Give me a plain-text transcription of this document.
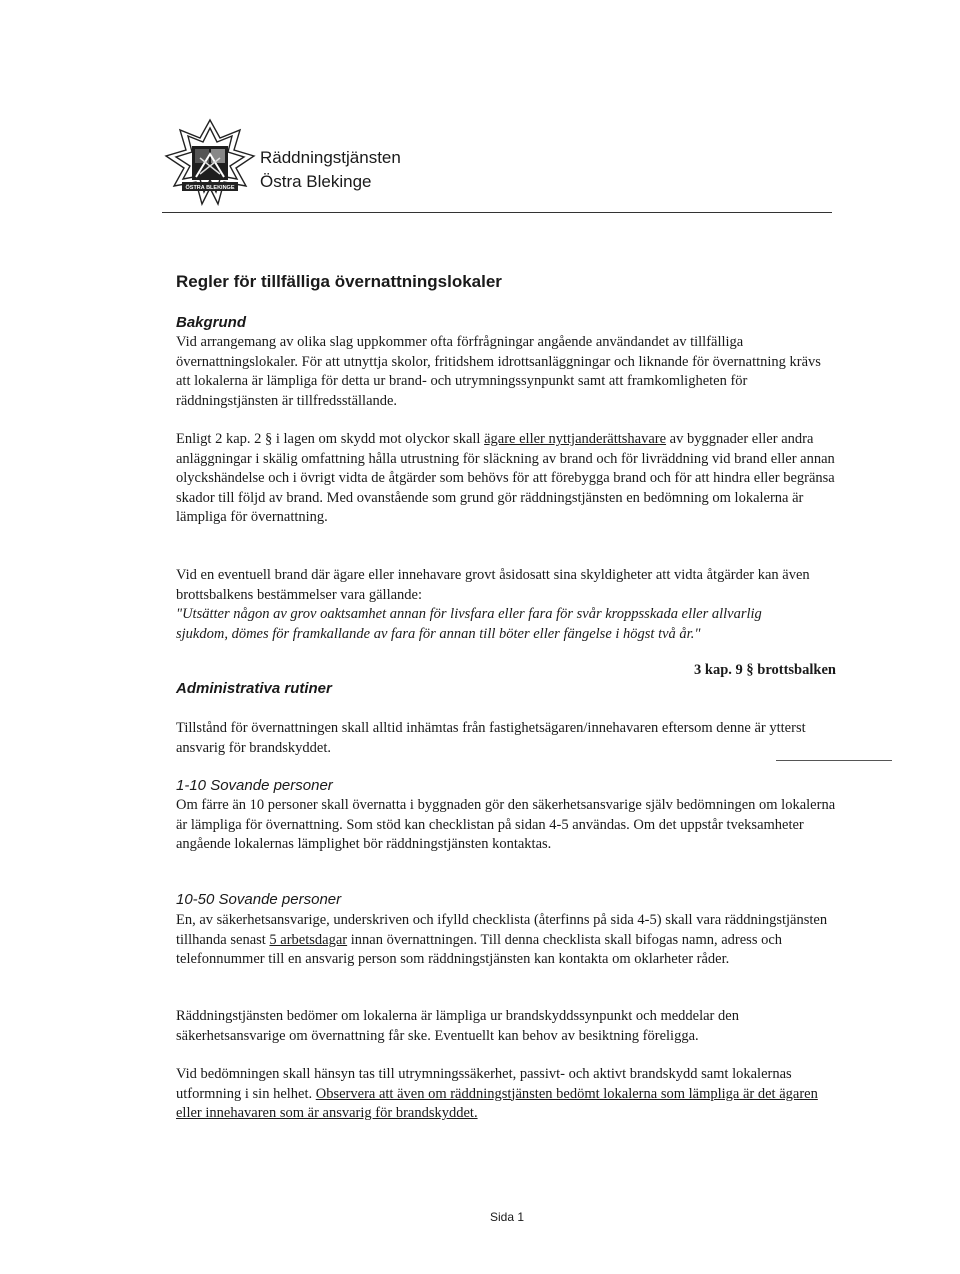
ÖSTRA BLEKINGE
Räddningstjänsten
Östra Blekinge
Regler för tillfälliga övernattningslokaler
Bakgrund

Vid arrangemang av olika slag uppkommer ofta förfrågningar angående användandet av tillfälliga övernattningslokaler. För att utnyttja skolor, fritidshem idrottsanläggningar och liknande för övernattning krävs att lokalerna är lämpliga för detta ur brand- och utrymningssynpunkt samt att framkomligheten för räddningstjänsten är tillfredsställande.

Enligt 2 kap. 2 § i lagen om skydd mot olyckor skall ägare eller nyttjanderättshavare av byggnader eller andra anläggningar i skälig omfattning hålla utrustning för släckning av brand och för livräddning vid brand eller annan olyckshändelse och i övrigt vidta de åtgärder som behövs för att förebygga brand och för att hindra eller begränsa skador till följd av brand. Med ovanstående som grund gör räddningstjänsten en bedömning om lokalerna är lämpliga för övernattning.

Vid en eventuell brand där ägare eller innehavare grovt åsidosatt sina skyldigheter att vidta åtgärder kan även brottsbalkens bestämmelser vara gällande:

"Utsätter någon av grov oaktsamhet annan för livsfara eller fara för svår kroppsskada eller allvarlig sjukdom, dömes för framkallande av fara för annan till böter eller fängelse i högst två år."

3 kap. 9 § brottsbalken
Administrativa rutiner

Tillstånd för övernattningen skall alltid inhämtas från fastighetsägaren/innehavaren eftersom denne är ytterst ansvarig för brandskyddet.

1-10 Sovande personer

Om färre än 10 personer skall övernatta i byggnaden gör den säkerhetsansvarige själv bedömningen om lokalerna är lämpliga för övernattning. Som stöd kan checklistan på sidan 4-5 användas. Om det uppstår tveksamheter angående lokalernas lämplighet bör räddningstjänsten kontaktas.

10-50 Sovande personer

En, av säkerhetsansvarige, underskriven och ifylld checklista (återfinns på sida 4-5) skall vara räddningstjänsten tillhanda senast 5 arbetsdagar innan övernattningen. Till denna checklista skall bifogas namn, adress och telefonnummer till en ansvarig person som räddningstjänsten kan kontakta om oklarheter råder.

Räddningstjänsten bedömer om lokalerna är lämpliga ur brandskyddssynpunkt och meddelar den säkerhetsansvarige om övernattning får ske. Eventuellt kan behov av besiktning föreligga.

Vid bedömningen skall hänsyn tas till utrymningssäkerhet, passivt- och aktivt brandskydd samt lokalernas utformning i sin helhet. Observera att även om räddningstjänsten bedömt lokalerna som lämpliga är det ägaren eller innehavaren som är ansvarig för brandskyddet.

Sida 1
